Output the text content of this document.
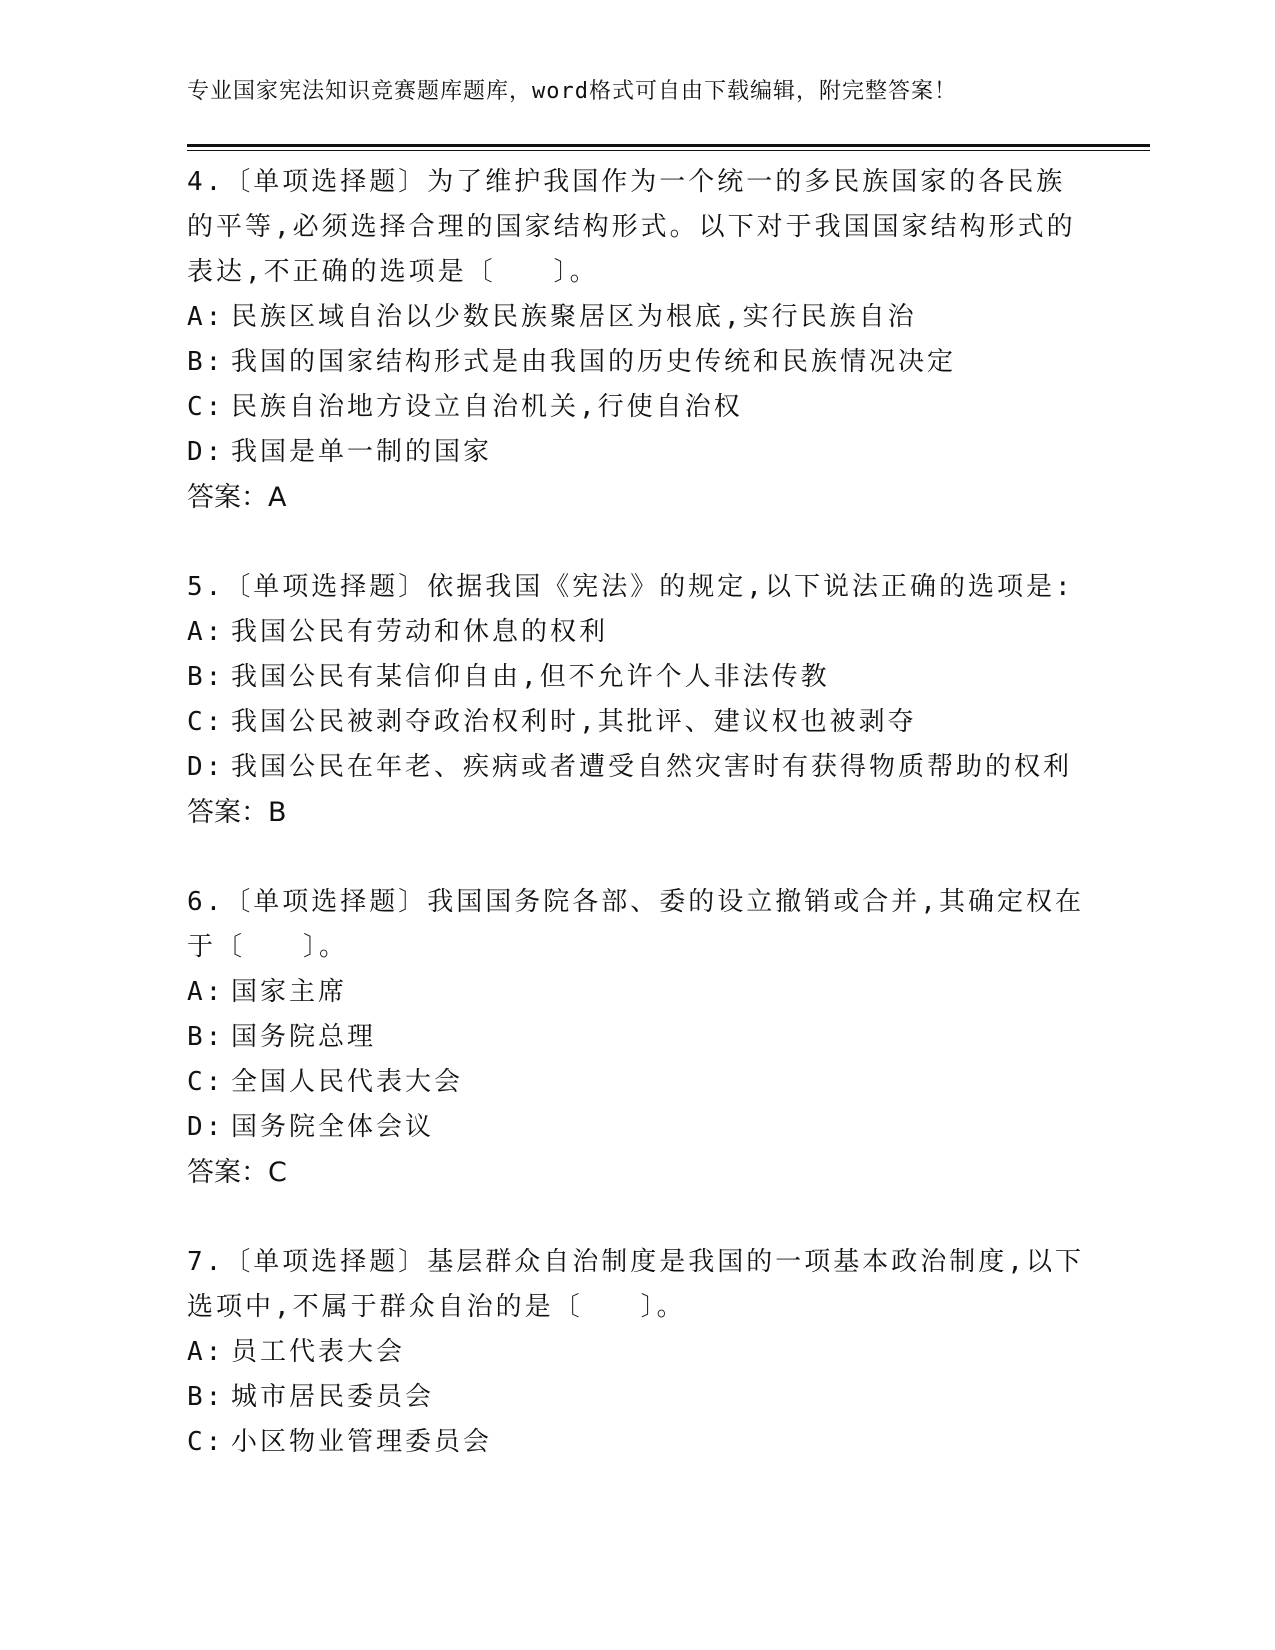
专业国家宪法知识竞赛题库题库，word格式可自由下载编辑，附完整答案！

4.〔单项选择题〕为了维护我国作为一个统一的多民族国家的各民族的平等,必须选择合理的国家结构形式。以下对于我国国家结构形式的表达,不正确的选项是〔　　〕。

A: 民族区域自治以少数民族聚居区为根底,实行民族自治
B: 我国的国家结构形式是由我国的历史传统和民族情况决定
C: 民族自治地方设立自治机关,行使自治权
D: 我国是单一制的国家
答案：A

5.〔单项选择题〕依据我国《宪法》的规定,以下说法正确的选项是:

A: 我国公民有劳动和休息的权利
B: 我国公民有某信仰自由,但不允许个人非法传教
C: 我国公民被剥夺政治权利时,其批评、建议权也被剥夺
D: 我国公民在年老、疾病或者遭受自然灾害时有获得物质帮助的权利
答案：B

6.〔单项选择题〕我国国务院各部、委的设立撤销或合并,其确定权在于〔　　〕。

A: 国家主席
B: 国务院总理
C: 全国人民代表大会
D: 国务院全体会议
答案：C

7.〔单项选择题〕基层群众自治制度是我国的一项基本政治制度,以下选项中,不属于群众自治的是〔　　〕。

A: 员工代表大会
B: 城市居民委员会
C: 小区物业管理委员会
